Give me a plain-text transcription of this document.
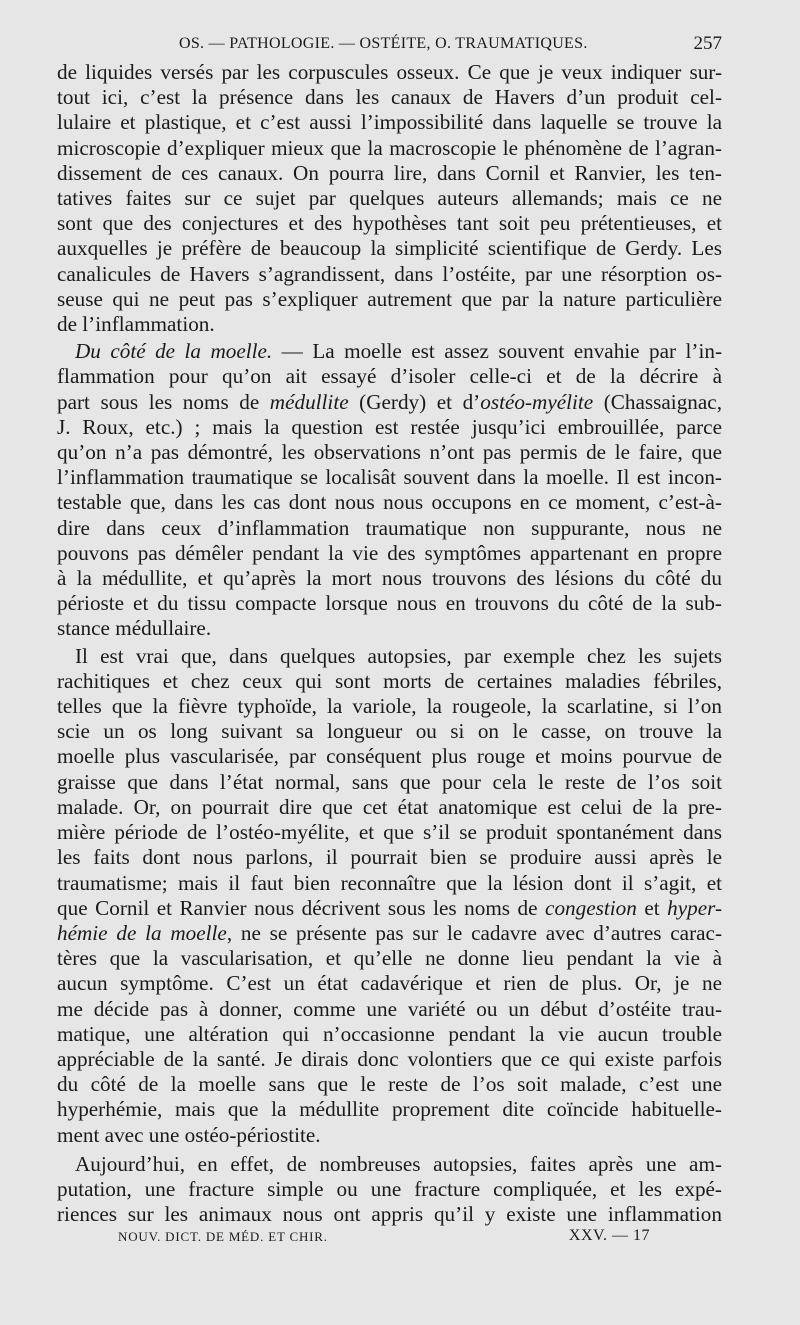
OS. — PATHOLOGIE. — OSTÉITE, O. TRAUMATIQUES.	257

de liquides versés par les corpuscules osseux. Ce que je veux indiquer sur-
tout ici, c’est la présence dans les canaux de Havers d’un produit cel-
lulaire et plastique, et c’est aussi l’impossibilité dans laquelle se trouve la
microscopie d’expliquer mieux que la macroscopie le phénomène de l’agran-
dissement de ces canaux. On pourra lire, dans Cornil et Ranvier, les ten-
tatives faites sur ce sujet par quelques auteurs allemands; mais ce ne
sont que des conjectures et des hypothèses tant soit peu prétentieuses, et
auxquelles je préfère de beaucoup la simplicité scientifique de Gerdy. Les
canalicules de Havers s’agrandissent, dans l’ostéite, par une résorption os-
seuse qui ne peut pas s’expliquer autrement que par la nature particulière
de l’inflammation.

Du côté de la moelle. — La moelle est assez souvent envahie par l’in-
flammation pour qu’on ait essayé d’isoler celle-ci et de la décrire à
part sous les noms de médullite (Gerdy) et d’ostéo-myélite (Chassaignac,
J. Roux, etc.) ; mais la question est restée jusqu’ici embrouillée, parce
qu’on n’a pas démontré, les observations n’ont pas permis de le faire, que
l’inflammation traumatique se localisât souvent dans la moelle. Il est incon-
testable que, dans les cas dont nous nous occupons en ce moment, c’est-à-
dire dans ceux d’inflammation traumatique non suppurante, nous ne
pouvons pas démêler pendant la vie des symptômes appartenant en propre
à la médullite, et qu’après la mort nous trouvons des lésions du côté du
périoste et du tissu compacte lorsque nous en trouvons du côté de la sub-
stance médullaire.

Il est vrai que, dans quelques autopsies, par exemple chez les sujets
rachitiques et chez ceux qui sont morts de certaines maladies fébriles,
telles que la fièvre typhoïde, la variole, la rougeole, la scarlatine, si l’on
scie un os long suivant sa longueur ou si on le casse, on trouve la
moelle plus vascularisée, par conséquent plus rouge et moins pourvue de
graisse que dans l’état normal, sans que pour cela le reste de l’os soit
malade. Or, on pourrait dire que cet état anatomique est celui de la pre-
mière période de l’ostéo-myélite, et que s’il se produit spontanément dans
les faits dont nous parlons, il pourrait bien se produire aussi après le
traumatisme; mais il faut bien reconnaître que la lésion dont il s’agit, et
que Cornil et Ranvier nous décrivent sous les noms de congestion et hyper-
hémie de la moelle, ne se présente pas sur le cadavre avec d’autres carac-
tères que la vascularisation, et qu’elle ne donne lieu pendant la vie à
aucun symptôme. C’est un état cadavérique et rien de plus. Or, je ne
me décide pas à donner, comme une variété ou un début d’ostéite trau-
matique, une altération qui n’occasionne pendant la vie aucun trouble
appréciable de la santé. Je dirais donc volontiers que ce qui existe parfois
du côté de la moelle sans que le reste de l’os soit malade, c’est une
hyperhémie, mais que la médullite proprement dite coïncide habituelle-
ment avec une ostéo-périostite.

Aujourd’hui, en effet, de nombreuses autopsies, faites après une am-
putation, une fracture simple ou une fracture compliquée, et les expé-
riences sur les animaux nous ont appris qu’il y existe une inflammation

NOUV. DICT. DE MÉD. ET CHIR.	XXV. — 17
